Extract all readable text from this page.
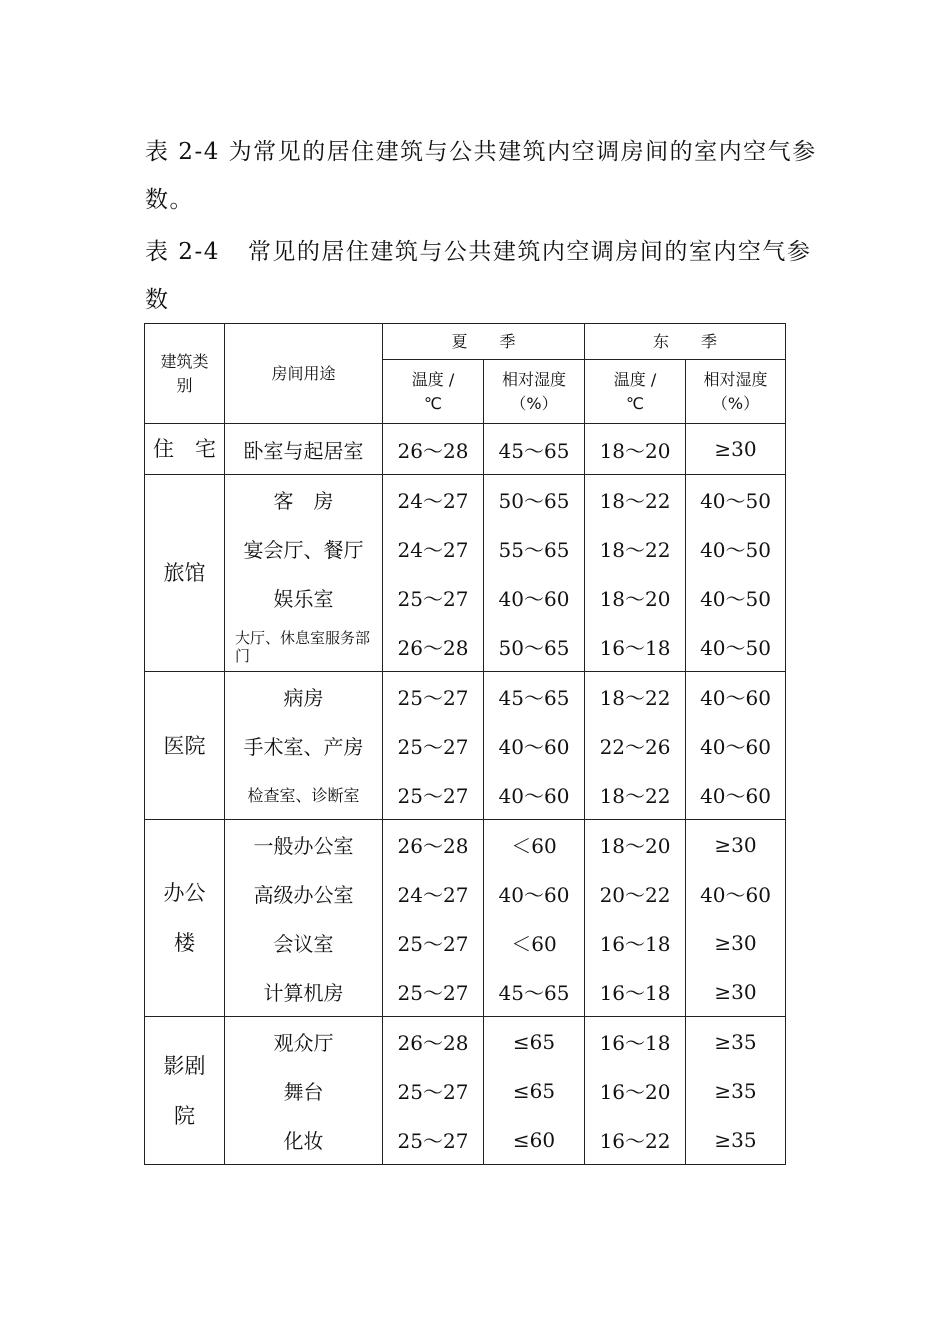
表 2-4 为常见的居住建筑与公共建筑内空调房间的室内空气参数。

表 2-4 常见的居住建筑与公共建筑内空调房间的室内空气参数

建筑类别	房间用途	夏　　季		东　　季	
		温度 /℃	相对湿度 （%）	温度 /℃	相对湿度 （%）
住　宅	卧室与起居室	26～28	45～65	18～20	≥30
旅馆	客　房	24～27	50～65	18～22	40～50
	宴会厅、餐厅	24～27	55～65	18～22	40～50
	娱乐室	25～27	40～60	18～20	40～50
	大厅、休息室服务部门	26～28	50～65	16～18	40～50
医院	病房	25～27	45～65	18～22	40～60
	手术室、产房	25～27	40～60	22～26	40～60
	检查室、诊断室	25～27	40～60	18～22	40～60
办公楼	一般办公室	26～28	＜60	18～20	≥30
	高级办公室	24～27	40～60	20～22	40～60
	会议室	25～27	＜60	16～18	≥30
	计算机房	25～27	45～65	16～18	≥30
影剧院	观众厅	26～28	≤65	16～18	≥35
	舞台	25～27	≤65	16～20	≥35
	化妆	25～27	≤60	16～22	≥35
